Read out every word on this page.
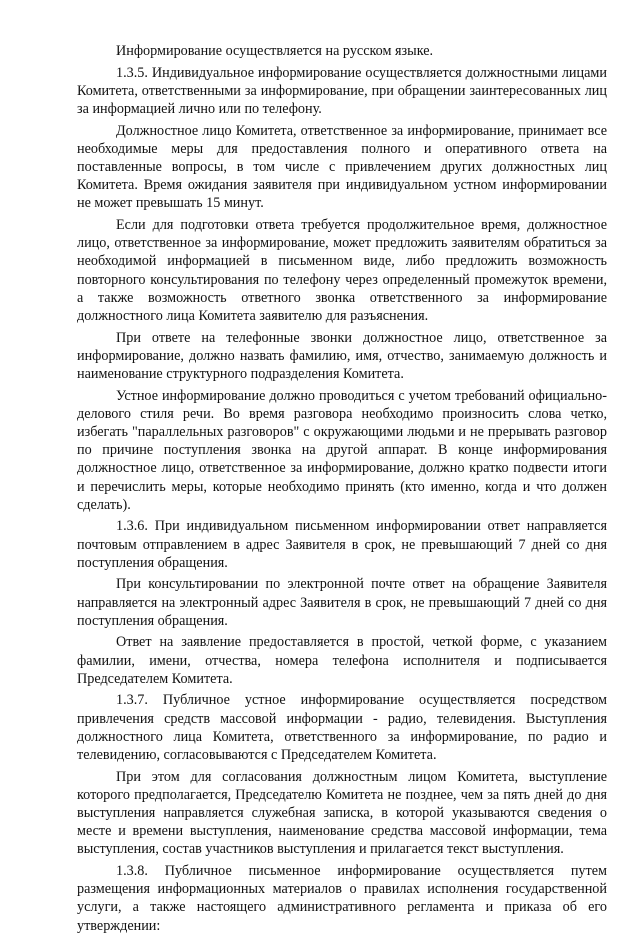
Информирование осуществляется на русском языке.

1.3.5. Индивидуальное информирование осуществляется должностными лицами Комитета, ответственными за информирование, при обращении заинтересованных лиц за информацией лично или по телефону.

Должностное лицо Комитета, ответственное за информирование, принимает все необходимые меры для предоставления полного и оперативного ответа на поставленные вопросы, в том числе с привлечением других должностных лиц Комитета. Время ожидания заявителя при индивидуальном устном информировании не может превышать 15 минут.

Если для подготовки ответа требуется продолжительное время, должностное лицо, ответственное за информирование, может предложить заявителям обратиться за необходимой информацией в письменном виде, либо предложить возможность повторного консультирования по телефону через определенный промежуток времени, а также возможность ответного звонка ответственного за информирование должностного лица Комитета заявителю для разъяснения.

При ответе на телефонные звонки должностное лицо, ответственное за информирование, должно назвать фамилию, имя, отчество, занимаемую должность и наименование структурного подразделения Комитета.

Устное информирование должно проводиться с учетом требований официально-делового стиля речи. Во время разговора необходимо произносить слова четко, избегать "параллельных разговоров" с окружающими людьми и не прерывать разговор по причине поступления звонка на другой аппарат. В конце информирования должностное лицо, ответственное за информирование, должно кратко подвести итоги и перечислить меры, которые необходимо принять (кто именно, когда и что должен сделать).

1.3.6. При индивидуальном письменном информировании ответ направляется почтовым отправлением в адрес Заявителя в срок, не превышающий 7 дней со дня поступления обращения.

При консультировании по электронной почте ответ на обращение Заявителя направляется на электронный адрес Заявителя в срок, не превышающий 7 дней со дня поступления обращения.

Ответ на заявление предоставляется в простой, четкой форме, с указанием фамилии, имени, отчества, номера телефона исполнителя и подписывается Председателем Комитета.

1.3.7. Публичное устное информирование осуществляется посредством привлечения средств массовой информации - радио, телевидения. Выступления должностного лица Комитета, ответственного за информирование, по радио и телевидению, согласовываются с Председателем Комитета.

При этом для согласования должностным лицом Комитета, выступление которого предполагается, Председателю Комитета не позднее, чем за пять дней до дня выступления направляется служебная записка, в которой указываются сведения о месте и времени выступления, наименование средства массовой информации, тема выступления, состав участников выступления и прилагается текст выступления.

1.3.8. Публичное письменное информирование осуществляется путем размещения информационных материалов о правилах исполнения государственной услуги, а также настоящего административного регламента и приказа об его утверждении:
